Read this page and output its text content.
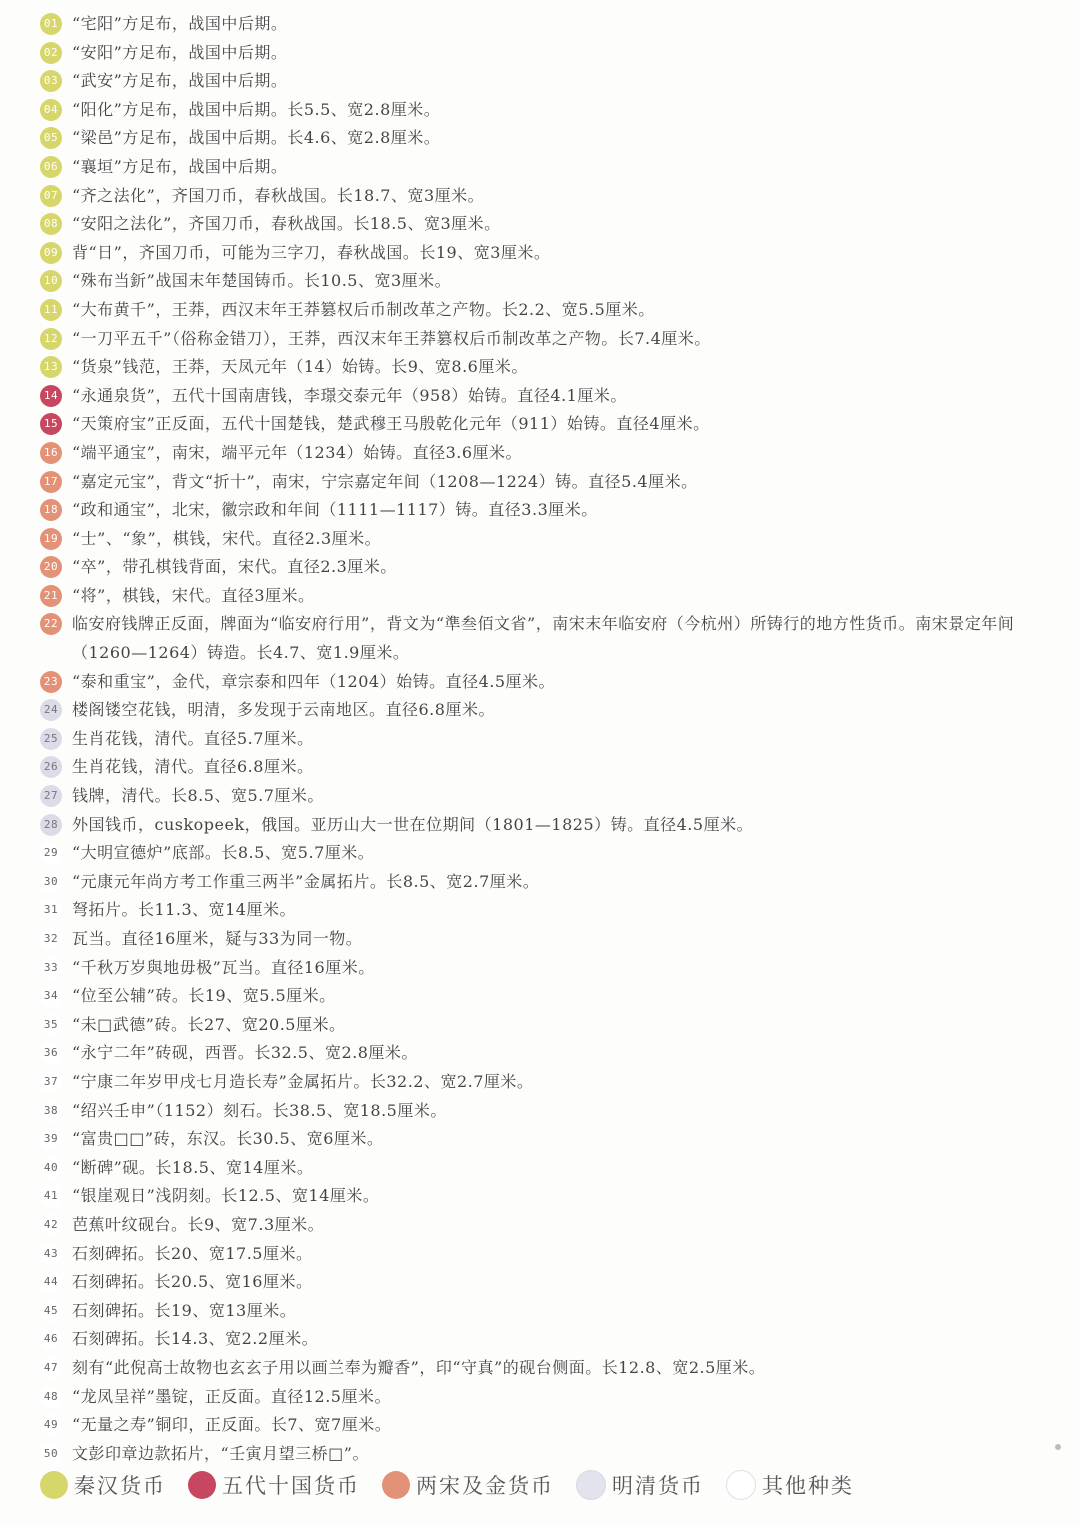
01 “宅阳”方足布，战国中后期。
02 “安阳”方足布，战国中后期。
03 “武安”方足布，战国中后期。
04 “阳化”方足布，战国中后期。长5.5、宽2.8厘米。
05 “梁邑”方足布，战国中后期。长4.6、宽2.8厘米。
06 “襄垣”方足布，战国中后期。
07 “齐之法化”，齐国刀币，春秋战国。长18.7、宽3厘米。
08 “安阳之法化”，齐国刀币，春秋战国。长18.5、宽3厘米。
09 背“日”，齐国刀币，可能为三字刀，春秋战国。长19、宽3厘米。
10 “殊布当釿”战国末年楚国铸币。长10.5、宽3厘米。
11 “大布黄千”，王莽，西汉末年王莽篡权后币制改革之产物。长2.2、宽5.5厘米。
12 “一刀平五千”（俗称金错刀），王莽，西汉末年王莽篡权后币制改革之产物。长7.4厘米。
13 “货泉”钱范，王莽，天凤元年（14）始铸。长9、宽8.6厘米。
14 “永通泉货”，五代十国南唐钱，李璟交泰元年（958）始铸。直径4.1厘米。
15 “天策府宝”正反面，五代十国楚钱，楚武穆王马殷乾化元年（911）始铸。直径4厘米。
16 “端平通宝”，南宋，端平元年（1234）始铸。直径3.6厘米。
17 “嘉定元宝”，背文“折十”，南宋，宁宗嘉定年间（1208—1224）铸。直径5.4厘米。
18 “政和通宝”，北宋，徽宗政和年间（1111—1117）铸。直径3.3厘米。
19 “士”、“象”，棋钱，宋代。直径2.3厘米。
20 “卒”，带孔棋钱背面，宋代。直径2.3厘米。
21 “将”，棋钱，宋代。直径3厘米。
22 临安府钱牌正反面，牌面为“临安府行用”，背文为“準叁佰文省”，南宋末年临安府（今杭州）所铸行的地方性货币。南宋景定年间（1260—1264）铸造。长4.7、宽1.9厘米。
23 “泰和重宝”，金代，章宗泰和四年（1204）始铸。直径4.5厘米。
24 楼阁镂空花钱，明清，多发现于云南地区。直径6.8厘米。
25 生肖花钱，清代。直径5.7厘米。
26 生肖花钱，清代。直径6.8厘米。
27 钱牌，清代。长8.5、宽5.7厘米。
28 外国钱币，cuskopeek，俄国。亚历山大一世在位期间（1801—1825）铸。直径4.5厘米。
29 “大明宣德炉”底部。长8.5、宽5.7厘米。
30 “元康元年尚方考工作重三两半”金属拓片。长8.5、宽2.7厘米。
31 弩拓片。长11.3、宽14厘米。
32 瓦当。直径16厘米，疑与33为同一物。
33 “千秋万岁與地毋极”瓦当。直径16厘米。
34 “位至公辅”砖。长19、宽5.5厘米。
35 “未□武德”砖。长27、宽20.5厘米。
36 “永宁二年”砖砚，西晋。长32.5、宽2.8厘米。
37 “宁康二年岁甲戌七月造长寿”金属拓片。长32.2、宽2.7厘米。
38 “绍兴壬申”（1152）刻石。长38.5、宽18.5厘米。
39 “富贵□□”砖，东汉。长30.5、宽6厘米。
40 “断碑”砚。长18.5、宽14厘米。
41 “银崖观日”浅阴刻。长12.5、宽14厘米。
42 芭蕉叶纹砚台。长9、宽7.3厘米。
43 石刻碑拓。长20、宽17.5厘米。
44 石刻碑拓。长20.5、宽16厘米。
45 石刻碑拓。长19、宽13厘米。
46 石刻碑拓。长14.3、宽2.2厘米。
47 刻有“此倪高士故物也玄玄子用以画兰奉为瓣香”，印“守真”的砚台侧面。长12.8、宽2.5厘米。
48 “龙凤呈祥”墨锭，正反面。直径12.5厘米。
49 “无量之寿”铜印，正反面。长7、宽7厘米。
50 文彭印章边款拓片，“壬寅月望三桥□”。
秦汉货币	五代十国货币	两宋及金货币	明清货币	其他种类
